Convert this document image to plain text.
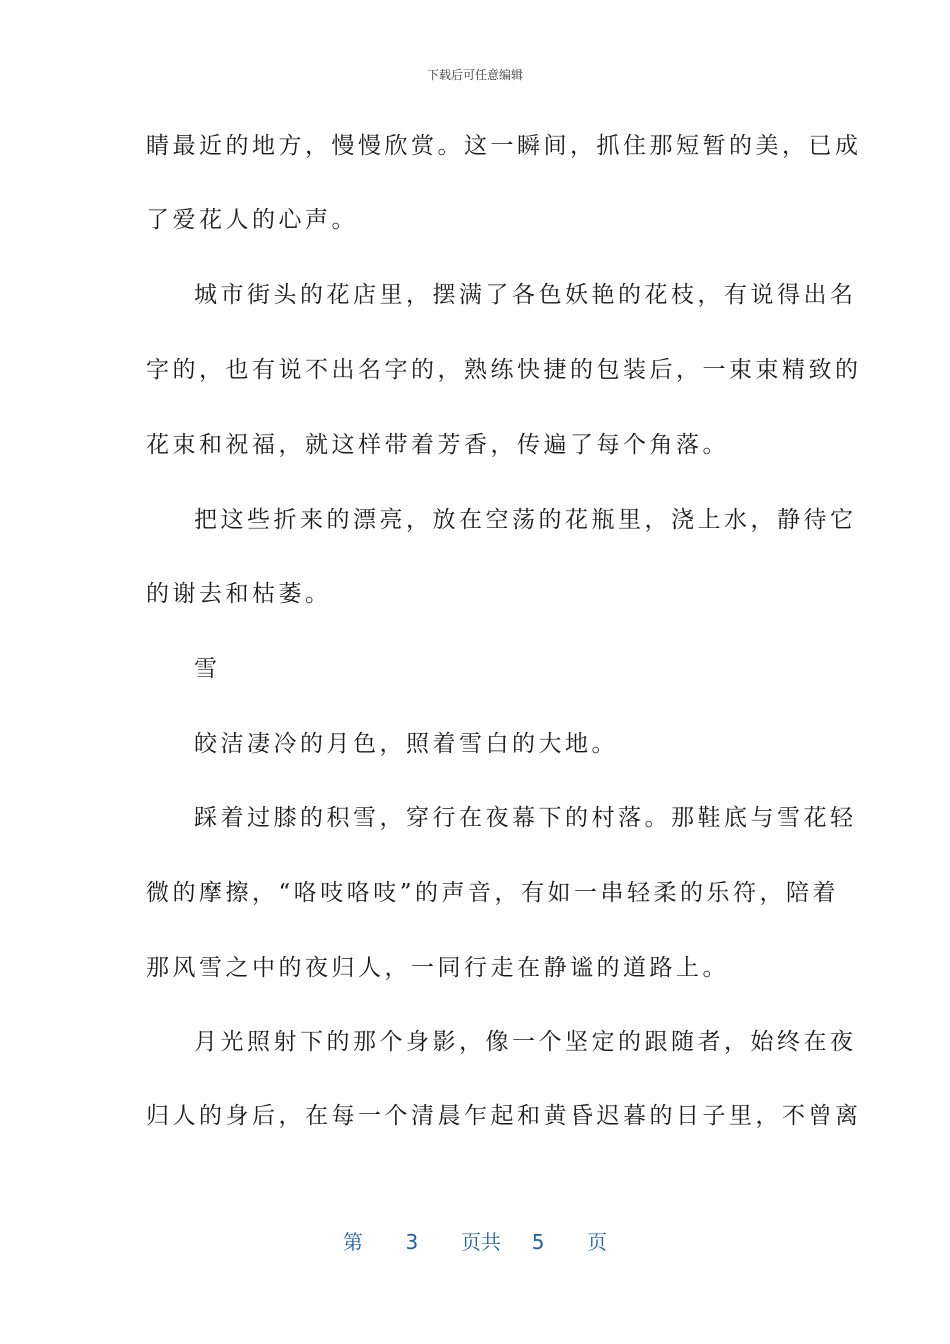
下载后可任意编辑
睛最近的地方，慢慢欣赏。这一瞬间，抓住那短暂的美，已成
了爱花人的心声。
城市街头的花店里，摆满了各色妖艳的花枝，有说得出名
字的，也有说不出名字的，熟练快捷的包装后，一束束精致的
花束和祝福，就这样带着芳香，传遍了每个角落。
把这些折来的漂亮，放在空荡的花瓶里，浇上水，静待它
的谢去和枯萎。
雪
皎洁凄冷的月色，照着雪白的大地。
踩着过膝的积雪，穿行在夜幕下的村落。那鞋底与雪花轻
微的摩擦，“咯吱咯吱”的声音，有如一串轻柔的乐符，陪着
那风雪之中的夜归人，一同行走在静谧的道路上。
月光照射下的那个身影，像一个坚定的跟随者，始终在夜
归人的身后，在每一个清晨乍起和黄昏迟暮的日子里，不曾离
第 3 页共 5 页
